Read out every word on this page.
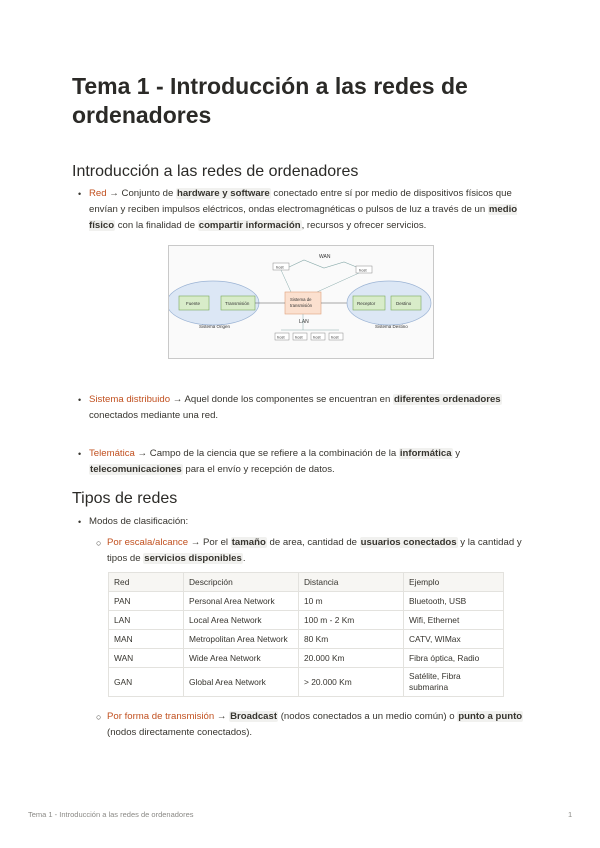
Tema 1 - Introducción a las redes de ordenadores
Introducción a las redes de ordenadores
• Red → Conjunto de hardware y software conectado entre sí por medio de dispositivos físicos que envían y reciben impulsos eléctricos, ondas electromagnéticas o pulsos de luz a través de un medio físico con la finalidad de compartir información, recursos y ofrecer servicios.
WAN
host
host
Fuente	Transmisión
Sistema Origen
Sistema de
transmisión	Receptor	Destino
Sistema Destino
LAN
host	host	host	host
• Sistema distribuido → Aquel donde los componentes se encuentran en diferentes ordenadores conectados mediante una red.
• Telemática → Campo de la ciencia que se refiere a la combinación de la informática y telecomunicaciones para el envío y recepción de datos.
Tipos de redes
• Modos de clasificación:
○ Por escala/alcance → Por el tamaño de area, cantidad de usuarios conectados y la cantidad y tipos de servicios disponibles.
Red	Descripción	Distancia	Ejemplo
PAN	Personal Area Network	10 m	Bluetooth, USB
LAN	Local Area Network	100 m - 2 Km	Wifi, Ethernet
MAN	Metropolitan Area Network	80 Km	CATV, WIMax
WAN	Wide Area Network	20.000 Km	Fibra óptica, Radio
GAN	Global Area Network	> 20.000 Km	Satélite, Fibra submarina
○ Por forma de transmisión → Broadcast (nodos conectados a un medio común) o punto a punto (nodos directamente conectados).
Tema 1 - Introducción a las redes de ordenadores	1
